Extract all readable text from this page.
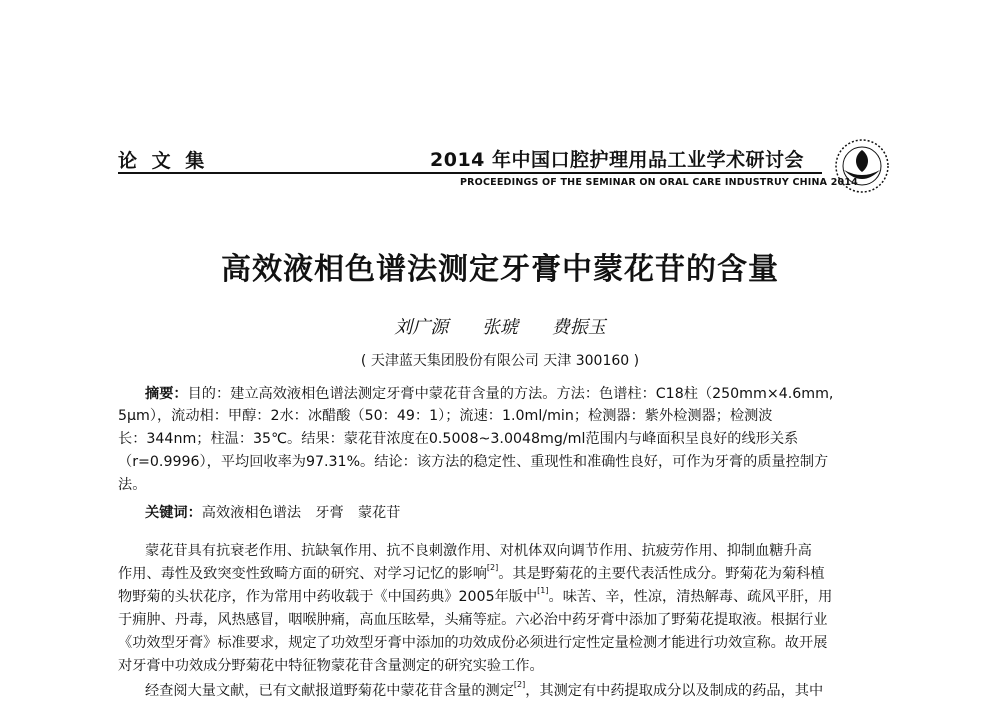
论 文 集	2014 年中国口腔护理用品工业学术研讨会
PROCEEDINGS OF THE SEMINAR ON ORAL CARE INDUSTRUY CHINA 2014
高效液相色谱法测定牙膏中蒙花苷的含量
刘广源 张琥 费振玉
( 天津蓝天集团股份有限公司 天津 300160 )
摘要：目的：建立高效液相色谱法测定牙膏中蒙花苷含量的方法。方法：色谱柱：C18柱（250mm×4.6mm,
5μm），流动相：甲醇：2水：冰醋酸（50：49：1）；流速：1.0ml/min；检测器：紫外检测器；检测波
长：344nm；柱温：35℃。结果：蒙花苷浓度在0.5008~3.0048mg/ml范围内与峰面积呈良好的线形关系
（r=0.9996），平均回收率为97.31%。结论：该方法的稳定性、重现性和准确性良好，可作为牙膏的质量控制方
法。
关键词：高效液相色谱法　牙膏　蒙花苷
蒙花苷具有抗衰老作用、抗缺氧作用、抗不良刺激作用、对机体双向调节作用、抗疲劳作用、抑制血糖升高
作用、毒性及致突变性致畸方面的研究、对学习记忆的影响[2]。其是野菊花的主要代表活性成分。野菊花为菊科植
物野菊的头状花序，作为常用中药收载于《中国药典》2005年版中[1]。味苦、辛，性凉，清热解毒、疏风平肝，用
于痈肿、丹毒，风热感冒，咽喉肿痛，高血压眩晕，头痛等症。六必治中药牙膏中添加了野菊花提取液。根据行业
《功效型牙膏》标准要求，规定了功效型牙膏中添加的功效成份必须进行定性定量检测才能进行功效宣称。故开展
对牙膏中功效成分野菊花中特征物蒙花苷含量测定的研究实验工作。
经查阅大量文献，已有文献报道野菊花中蒙花苷含量的测定[2]，其测定有中药提取成分以及制成的药品，其中
